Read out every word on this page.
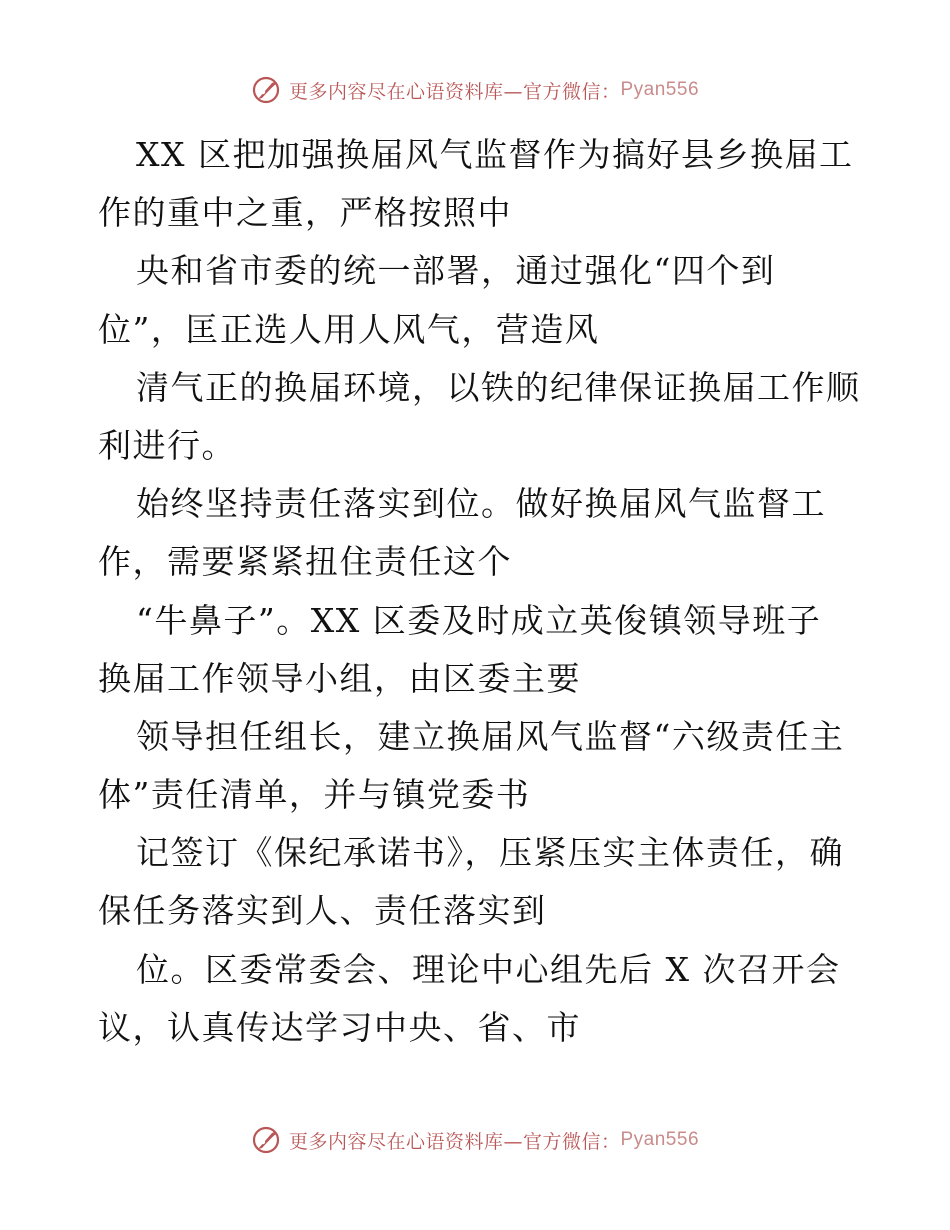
更多内容尽在心语资料库—官方微信： Pyan556
XX 区把加强换届风气监督作为搞好县乡换届工
作的重中之重，严格按照中
央和省市委的统一部署，通过强化“四个到
位”，匡正选人用人风气，营造风
清气正的换届环境，以铁的纪律保证换届工作顺
利进行。
始终坚持责任落实到位。做好换届风气监督工
作，需要紧紧扭住责任这个
“牛鼻子”。XX 区委及时成立英俊镇领导班子
换届工作领导小组，由区委主要
领导担任组长，建立换届风气监督“六级责任主
体”责任清单，并与镇党委书
记签订《保纪承诺书》，压紧压实主体责任，确
保任务落实到人、责任落实到
位。区委常委会、理论中心组先后 X 次召开会
议，认真传达学习中央、省、市
更多内容尽在心语资料库—官方微信： Pyan556
